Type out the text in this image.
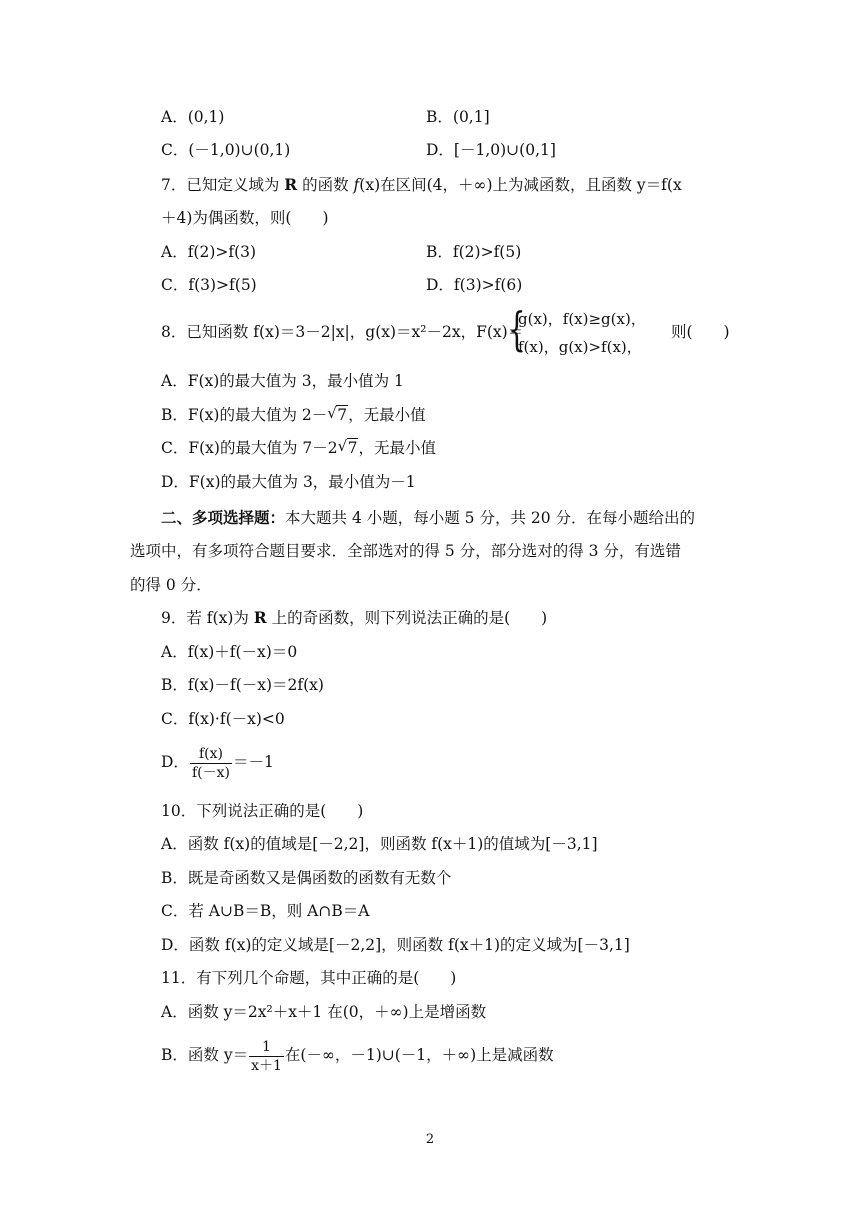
A．(0,1)	B．(0,1]
C．(－1,0)∪(0,1)	D．[－1,0)∪(0,1]
7．已知定义域为 R 的函数 f(x)在区间(4，＋∞)上为减函数，且函数 y＝f(x
＋4)为偶函数，则(　　)
A．f(2)>f(3)	B．f(2)>f(5)
C．f(3)>f(5)	D．f(3)>f(6)
8．已知函数 f(x)＝3－2|x|，g(x)＝x²－2x，F(x)＝
{
g(x)，f(x)≥g(x)，
f(x)，g(x)>f(x)，
则(　　)
A．F(x)的最大值为 3，最小值为 1
B．F(x)的最大值为 2－ √ 7，无最小值
C．F(x)的最大值为 7－2 √ 7，无最小值
D．F(x)的最大值为 3，最小值为－1
二、多项选择题：本大题共 4 小题，每小题 5 分，共 20 分．在每小题给出的
选项中，有多项符合题目要求．全部选对的得 5 分，部分选对的得 3 分，有选错
的得 0 分．
9．若 f(x)为 R 上的奇函数，则下列说法正确的是(　　)
A．f(x)＋f(－x)＝0
B．f(x)－f(－x)＝2f(x)
C．f(x)·f(－x)<0
D． $\frac{f(x)}{f(-x)} =-1$
10．下列说法正确的是(　　)
A．函数 f(x)的值域是[－2,2]，则函数 f(x＋1)的值域为[－3,1]
B．既是奇函数又是偶函数的函数有无数个
C．若 A∪B＝B，则 A∩B＝A
D．函数 f(x)的定义域是[－2,2]，则函数 f(x＋1)的定义域为[－3,1]
11．有下列几个命题，其中正确的是(　　)
A．函数 y＝2x²＋x＋1 在(0，＋∞)上是增函数
B．函数 $y= \frac{1}{x+1}$ 在(－∞，－1)∪(－1，＋∞)上是减函数
2
